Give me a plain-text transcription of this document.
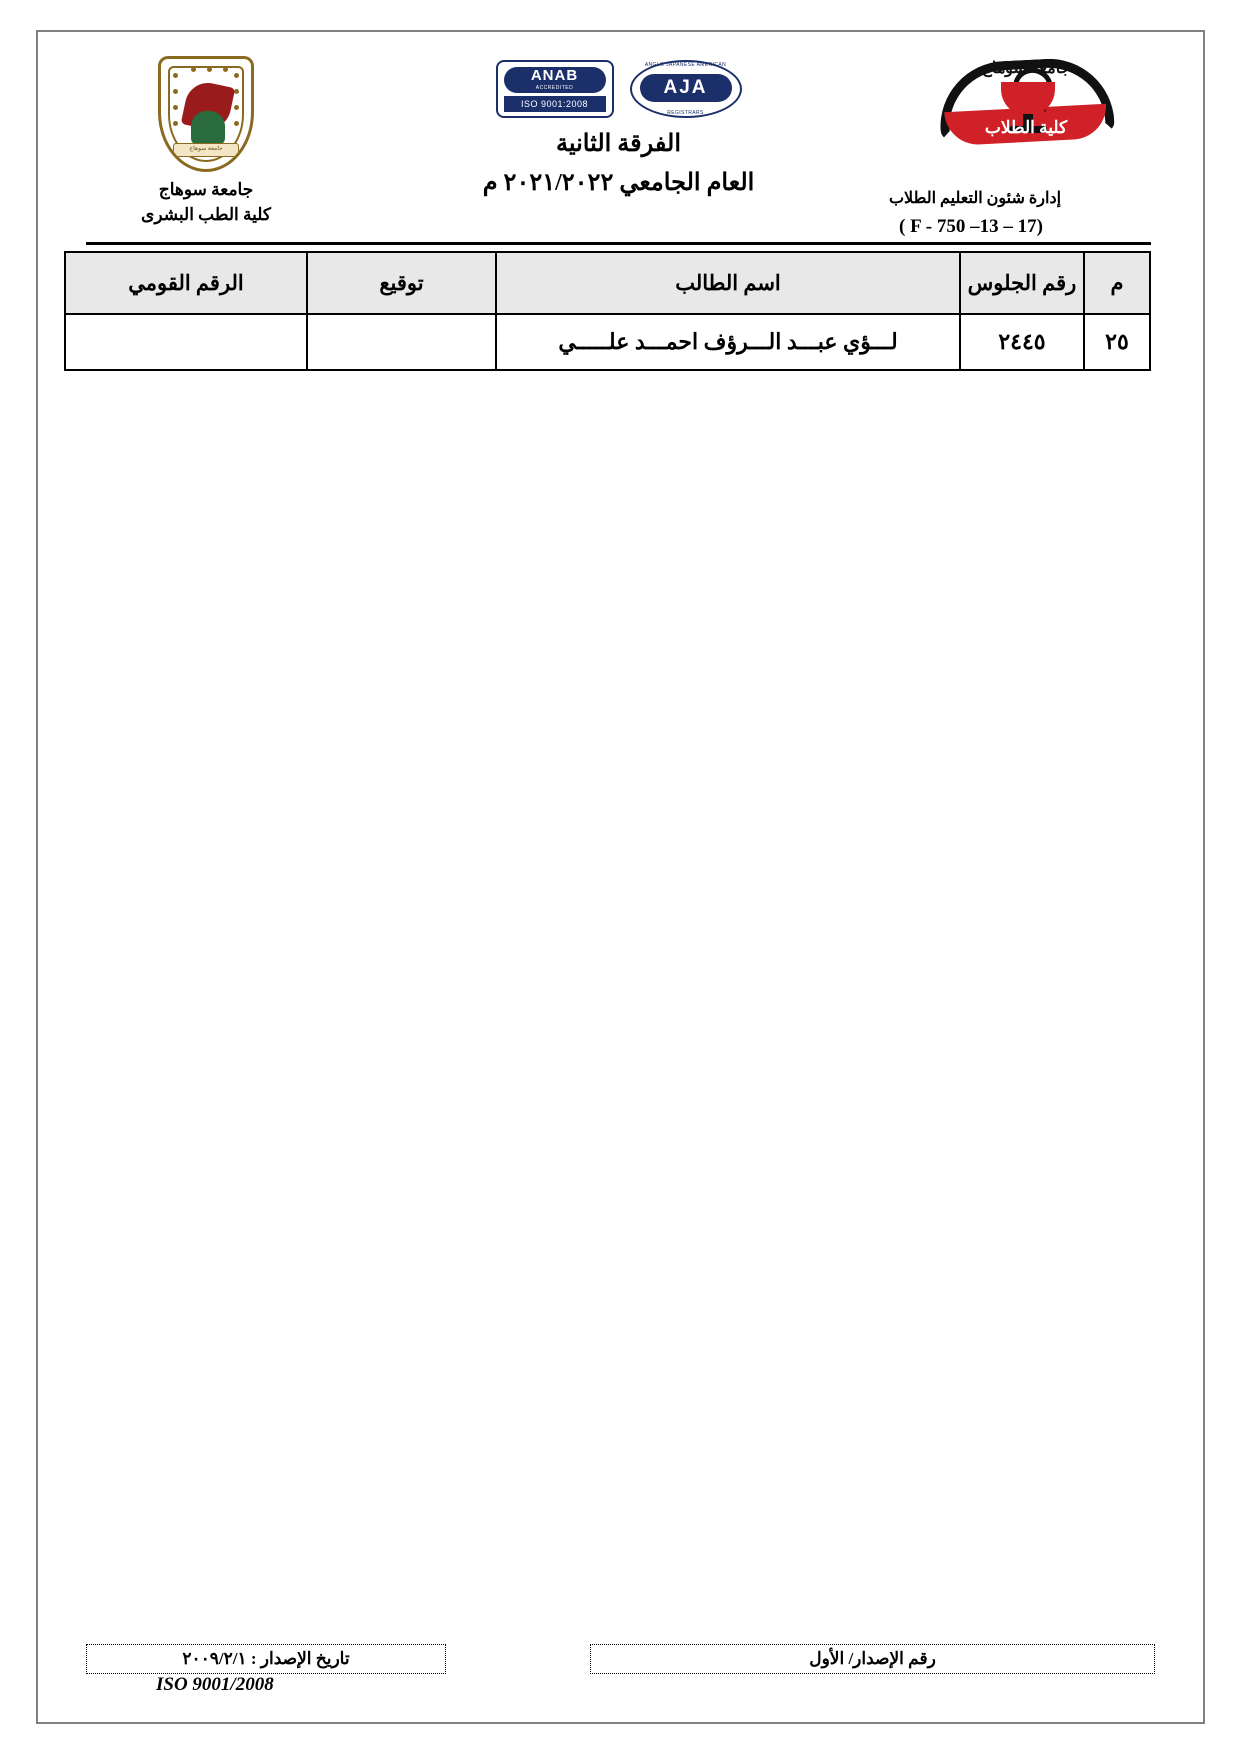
جامعة سوهاج
كلية الطلاب
جامعة سوهاج
جامعة سوهاج
كلية الطب البشرى
ANAB
ACCREDITED
ISO 9001:2008
ANGLO JAPANESE AMERICAN
AJA
REGISTRARS
الفرقة الثانية
العام الجامعي ٢٠٢١/٢٠٢٢ م
إدارة شئون التعليم الطلاب
( F - 750 –13 – 17)
م	رقم الجلوس	اسم الطالب	توقيع	الرقم القومي
٢٥	٢٤٤٥	لـــؤي عبـــد الـــرؤف احمـــد علـــــي		
رقم الإصدار/ الأول
تاريخ الإصدار : ٢٠٠٩/٢/١
ISO 9001/2008
